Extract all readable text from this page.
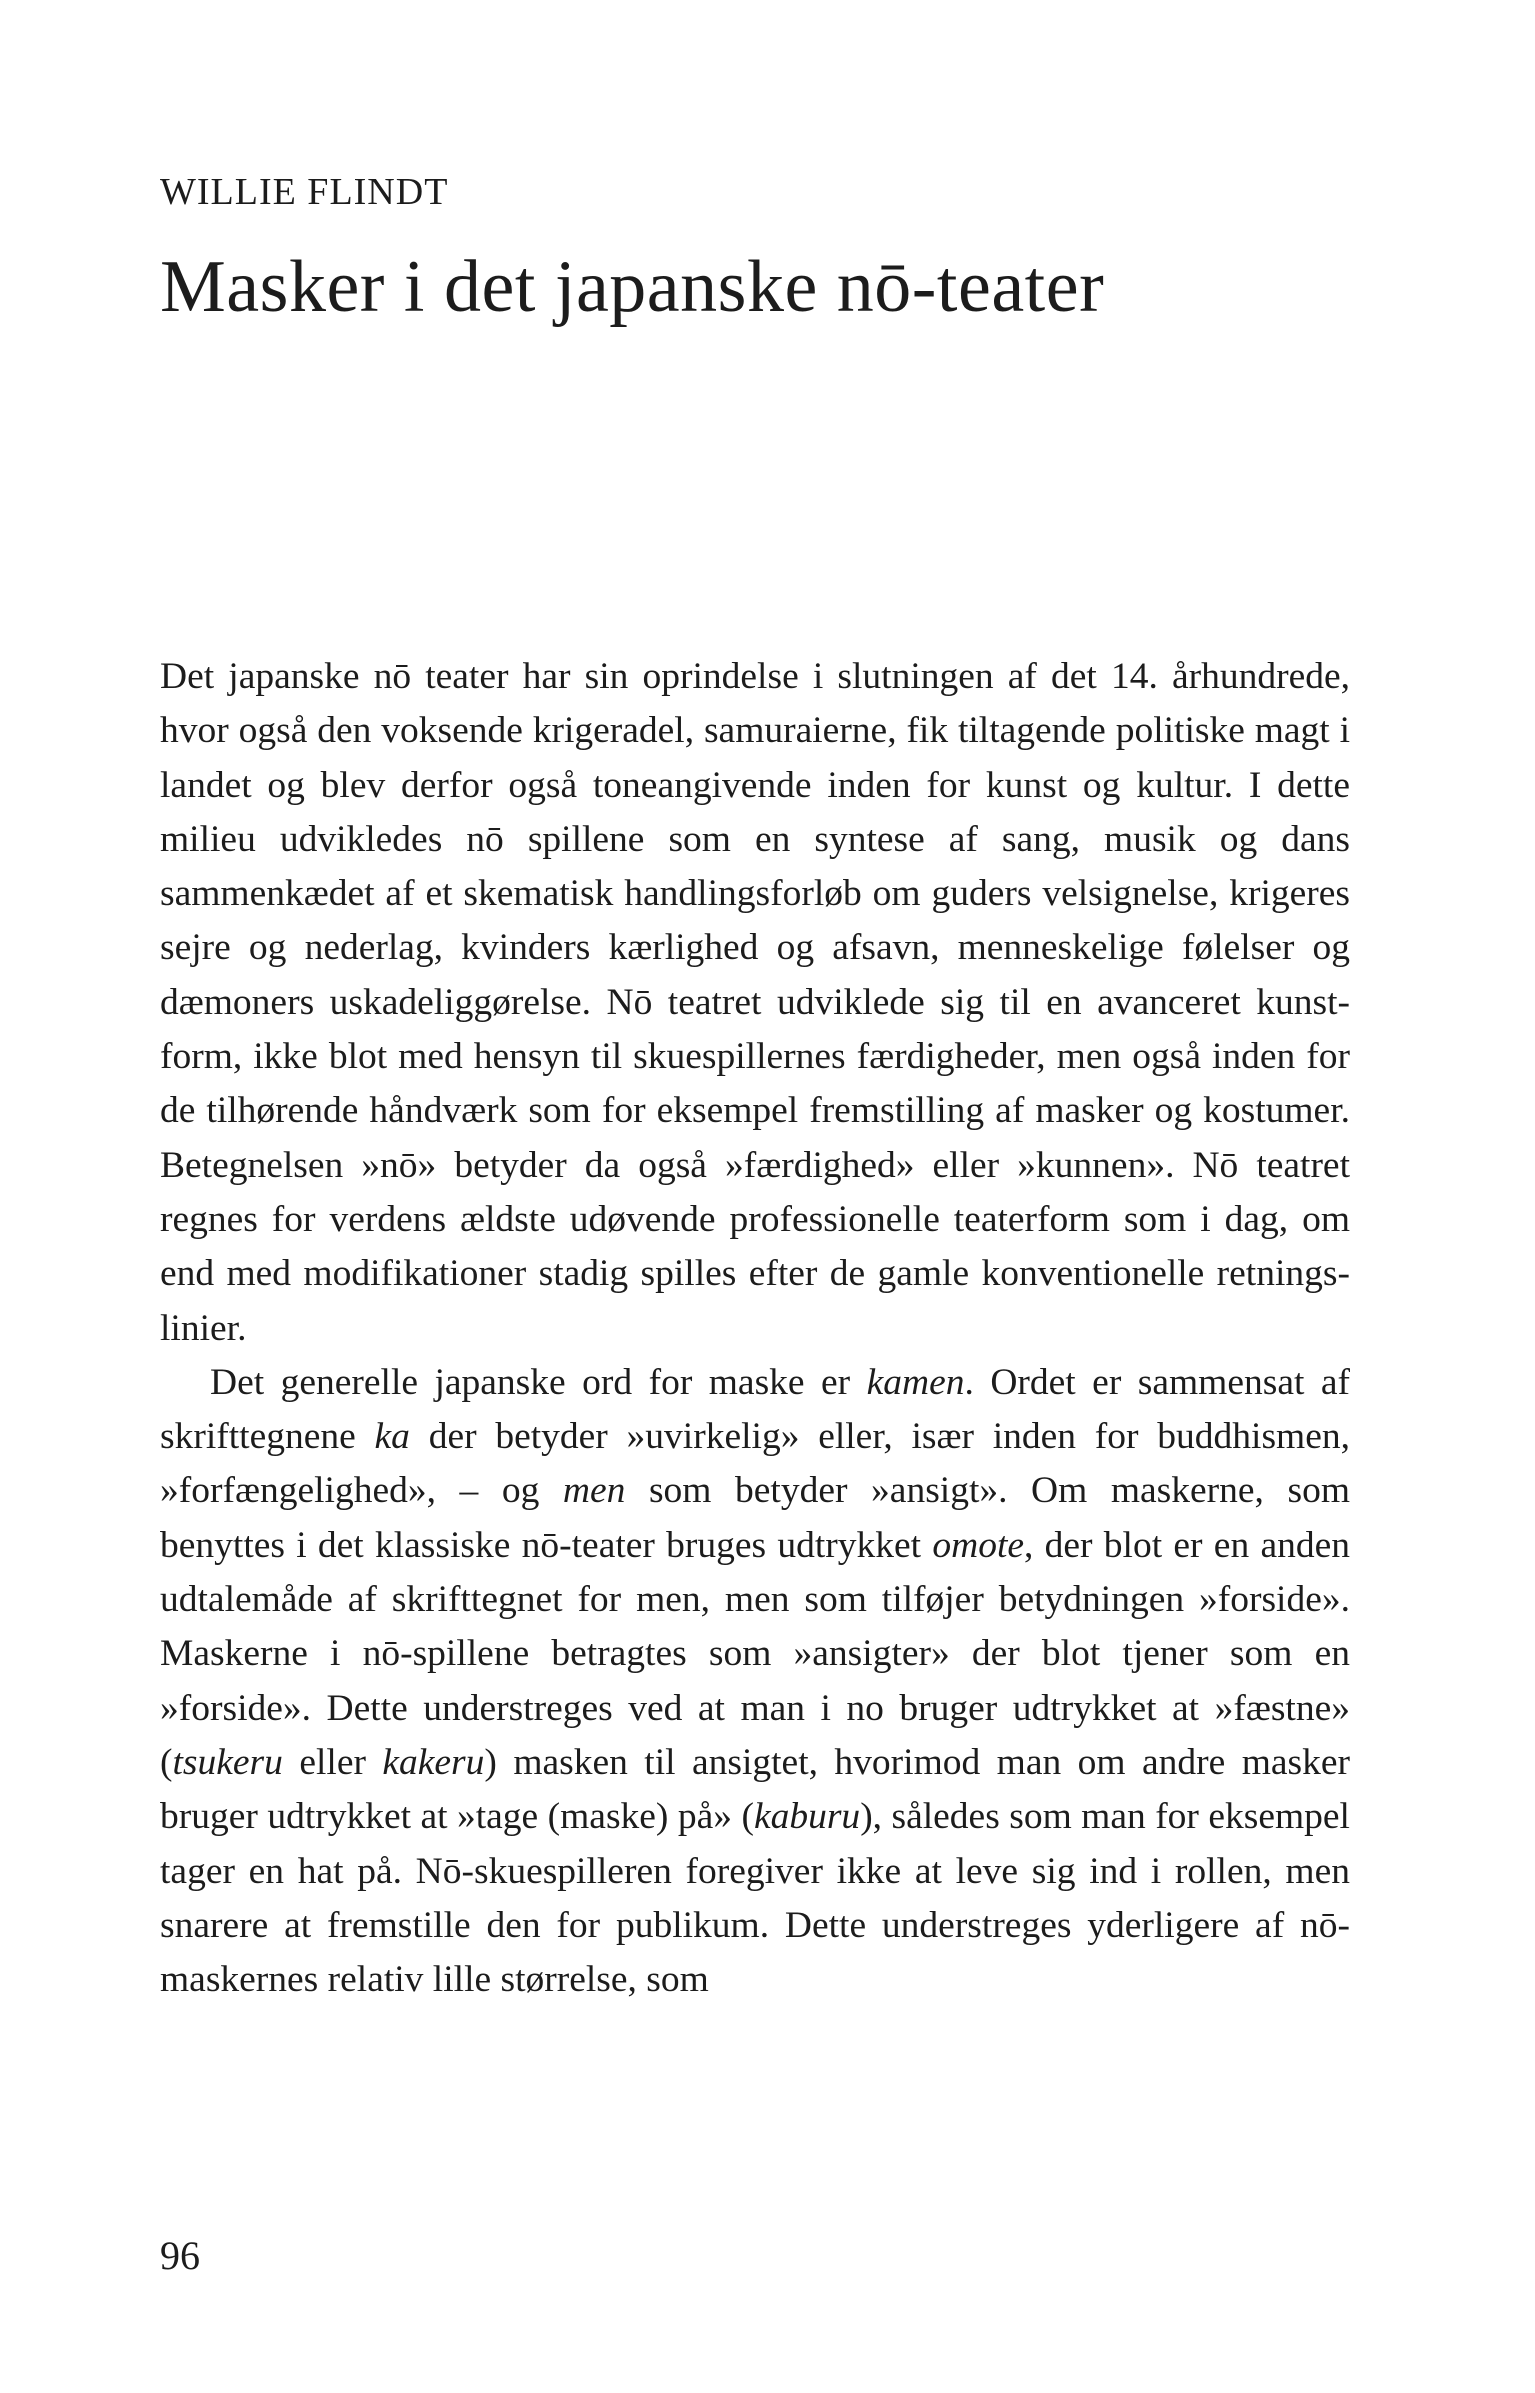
WILLIE FLINDT
Masker i det japanske nō-teater

Det japanske nō teater har sin oprindelse i slutningen af det 14. århundrede, hvor også den voksende krigeradel, samuraierne, fik tiltagende politiske magt i landet og blev derfor også toneangivende inden for kunst og kultur. I dette milieu udvikledes nō spillene som en syntese af sang, musik og dans sammenkædet af et skematisk handlingsforløb om guders velsignelse, krigeres sejre og nederlag, kvinders kærlighed og afsavn, menneskelige følelser og dæmoners uskadeliggørelse. Nō teatret udviklede sig til en avanceret kunstform, ikke blot med hensyn til skuespillernes færdigheder, men også inden for de tilhørende håndværk som for eksempel fremstilling af masker og kostumer. Betegnelsen »nō» betyder da også »færdighed» eller »kunnen». Nō teatret regnes for verdens ældste udøvende professionelle teaterform som i dag, om end med modifikationer stadig spilles efter de gamle konventionelle retningslinier.

Det generelle japanske ord for maske er kamen. Ordet er sammensat af skrifttegnene ka der betyder »uvirkelig» eller, især inden for buddhismen, »forfængelighed», – og men som betyder »ansigt». Om maskerne, som benyttes i det klassiske nō-teater bruges udtrykket omote, der blot er en anden udtalemåde af skrifttegnet for men, men som tilføjer betydningen »forside». Maskerne i nō-spillene betragtes som »ansigter» der blot tjener som en »forside». Dette understreges ved at man i no bruger udtrykket at »fæstne» (tsukeru eller kakeru) masken til ansigtet, hvorimod man om andre masker bruger udtrykket at »tage (maske) på» (kaburu), således som man for eksempel tager en hat på. Nō-skuespilleren foregiver ikke at leve sig ind i rollen, men snarere at fremstille den for publikum. Dette understreges yderligere af nō-maskernes relativ lille størrelse, som

96
